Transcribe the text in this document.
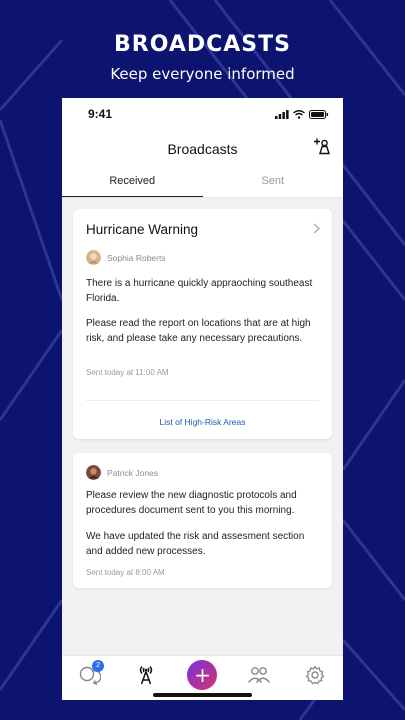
BROADCASTS
Keep everyone informed
9:41
Broadcasts
Received	Sent
Hurricane Warning
Sophia Roberts
There is a hurricane quickly appraoching southeast Florida.
Please read the report on locations that are at high risk, and please take any necessary precautions.
Sent today at 11:00 AM
List of High-Risk Areas
Patrick Jones
Please review the new diagnostic protocols and procedures document sent to you this morning.
We have updated the risk and assesment section and added new processes.
Sent today at 8:00 AM
2	+
